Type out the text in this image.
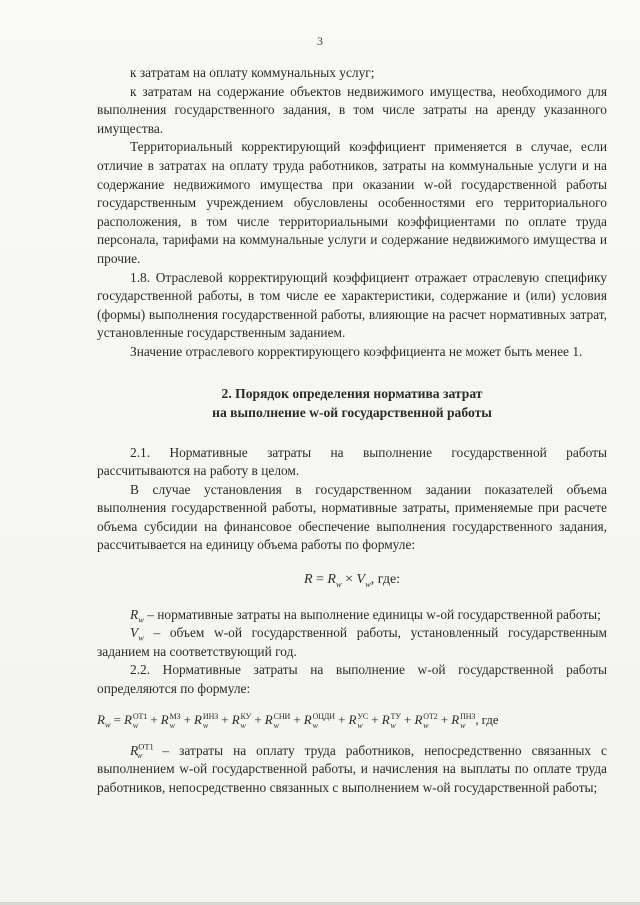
3

к затратам на оплату коммунальных услуг;

к затратам на содержание объектов недвижимого имущества, необходимого для выполнения государственного задания, в том числе затраты на аренду указанного имущества.

Территориальный корректирующий коэффициент применяется в случае, если отличие в затратах на оплату труда работников, затраты на коммунальные услуги и на содержание недвижимого имущества при оказании w-ой государственной работы государственным учреждением обусловлены особенностями его территориального расположения, в том числе территориальными коэффициентами по оплате труда персонала, тарифами на коммунальные услуги и содержание недвижимого имущества и прочие.

1.8. Отраслевой корректирующий коэффициент отражает отраслевую специфику государственной работы, в том числе ее характеристики, содержание и (или) условия (формы) выполнения государственной работы, влияющие на расчет нормативных затрат, установленные государственным заданием.

Значение отраслевого корректирующего коэффициента не может быть менее 1.

2. Порядок определения норматива затрат
на выполнение w-ой государственной работы

2.1. Нормативные затраты на выполнение государственной работы рассчитываются на работу в целом.

В случае установления в государственном задании показателей объема выполнения государственной работы, нормативные затраты, применяемые при расчете объема субсидии на финансовое обеспечение выполнения государственного задания, рассчитывается на единицу объема работы по формуле:

$R = R_w \times V_w$, где:

$R_w$ – нормативные затраты на выполнение единицы w-ой государственной работы;

$V_w$ – объем w-ой государственной работы, установленный государственным заданием на соответствующий год.

2.2. Нормативные затраты на выполнение w-ой государственной работы определяются по формуле:

$R_w = R$ ОТ1
w + R МЗ
w + R ИНЗ
w + R КУ
w + R СНИ
w + R ОЦДИ
w	+ R УС
w + R ТУ
w + R ОТ2
w + R ПНЗ
w , где

$R^{ОТ1}_w$ – затраты на оплату труда работников, непосредственно связанных с выполнением w-ой государственной работы, и начисления на выплаты по оплате труда работников, непосредственно связанных с выполнением w-ой государственной работы;
